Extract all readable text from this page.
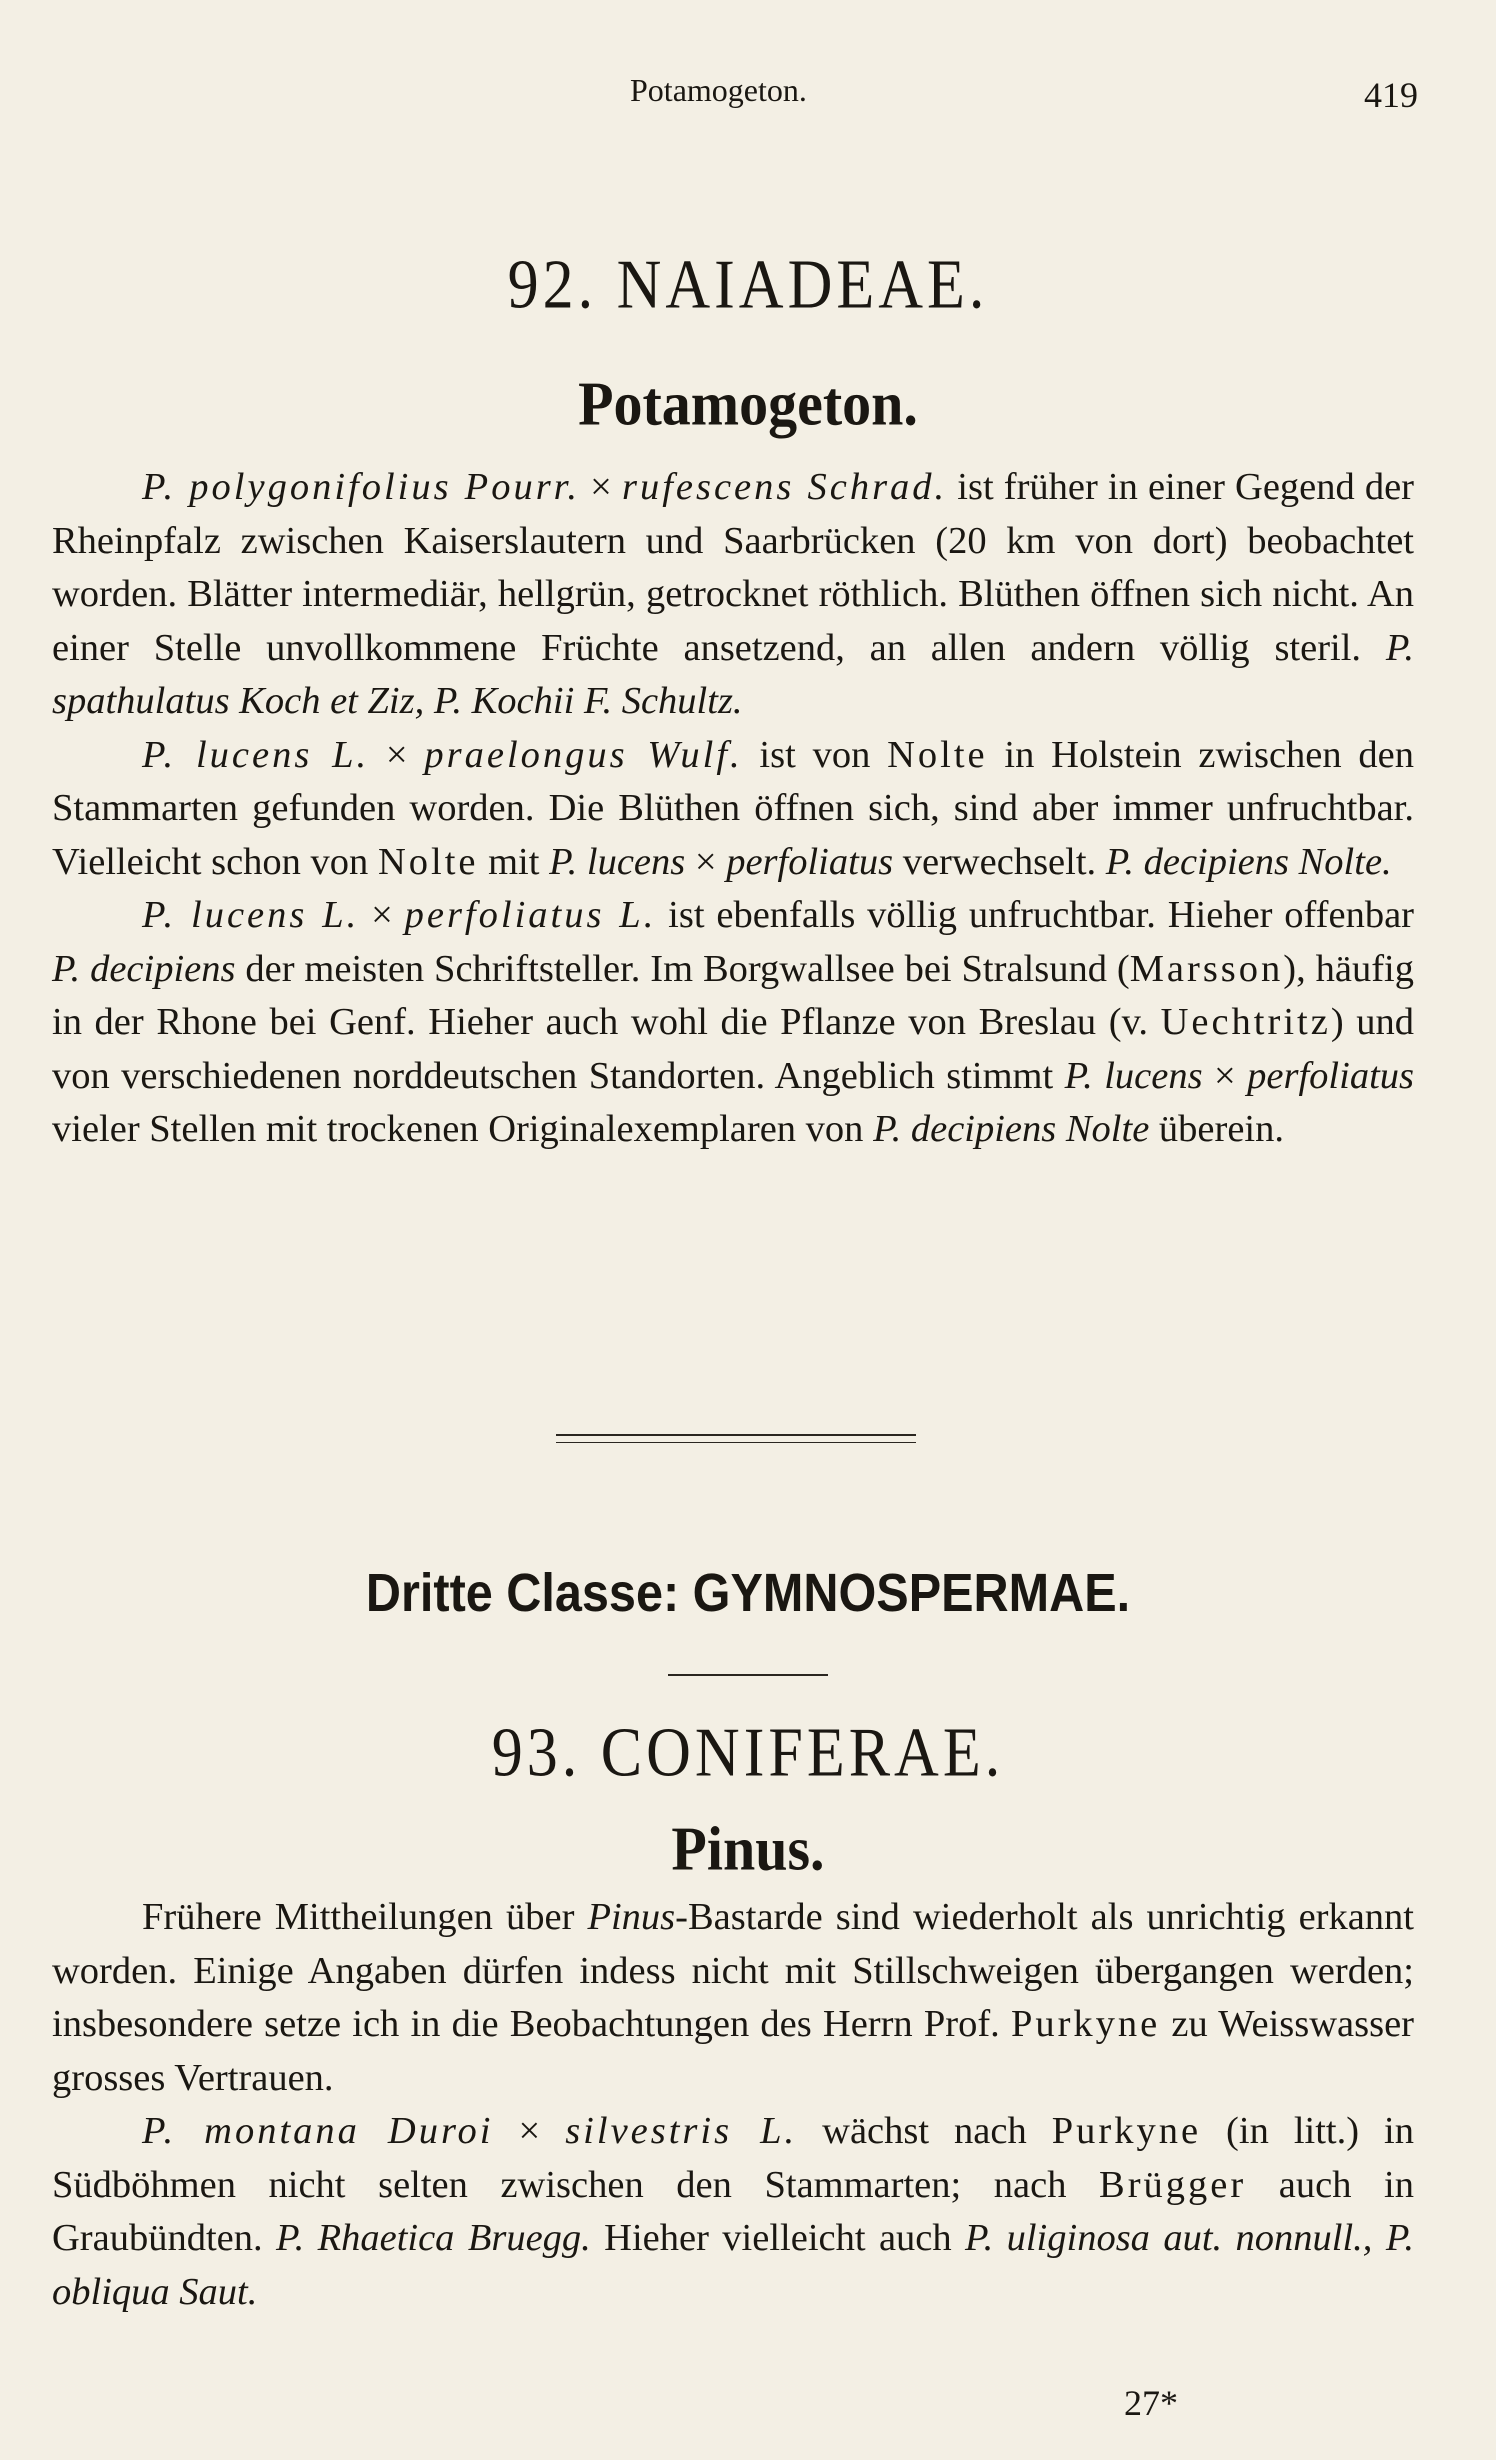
Potamogeton.	419
92. NAIADEAE.
Potamogeton.

P. polygonifolius Pourr. × rufescens Schrad. ist früher in einer Gegend der Rheinpfalz zwischen Kaiserslautern und Saarbrücken (20 km von dort) beobachtet worden. Blätter intermediär, hellgrün, getrocknet röthlich. Blüthen öffnen sich nicht. An einer Stelle unvollkommene Früchte ansetzend, an allen andern völlig steril. P. spathulatus Koch et Ziz, P. Kochii F. Schultz.

P. lucens L. × praelongus Wulf. ist von Nolte in Holstein zwischen den Stammarten gefunden worden. Die Blüthen öffnen sich, sind aber immer unfruchtbar. Vielleicht schon von Nolte mit P. lucens × perfoliatus verwechselt. P. decipiens Nolte.

P. lucens L. × perfoliatus L. ist ebenfalls völlig unfruchtbar. Hieher offenbar P. decipiens der meisten Schriftsteller. Im Borgwallsee bei Stralsund (Marsson), häufig in der Rhone bei Genf. Hieher auch wohl die Pflanze von Breslau (v. Uechtritz) und von verschiedenen norddeutschen Standorten. Angeblich stimmt P. lucens × perfoliatus vieler Stellen mit trockenen Originalexemplaren von P. decipiens Nolte überein.

Dritte Classe: GYMNOSPERMAE.
93. CONIFERAE.
Pinus.

Frühere Mittheilungen über Pinus-Bastarde sind wiederholt als unrichtig erkannt worden. Einige Angaben dürfen indess nicht mit Stillschweigen übergangen werden; insbesondere setze ich in die Beobachtungen des Herrn Prof. Purkyne zu Weisswasser grosses Vertrauen.

P. montana Duroi × silvestris L. wächst nach Purkyne (in litt.) in Südböhmen nicht selten zwischen den Stammarten; nach Brügger auch in Graubündten. P. Rhaetica Bruegg. Hieher vielleicht auch P. uliginosa aut. nonnull., P. obliqua Saut.

27*
